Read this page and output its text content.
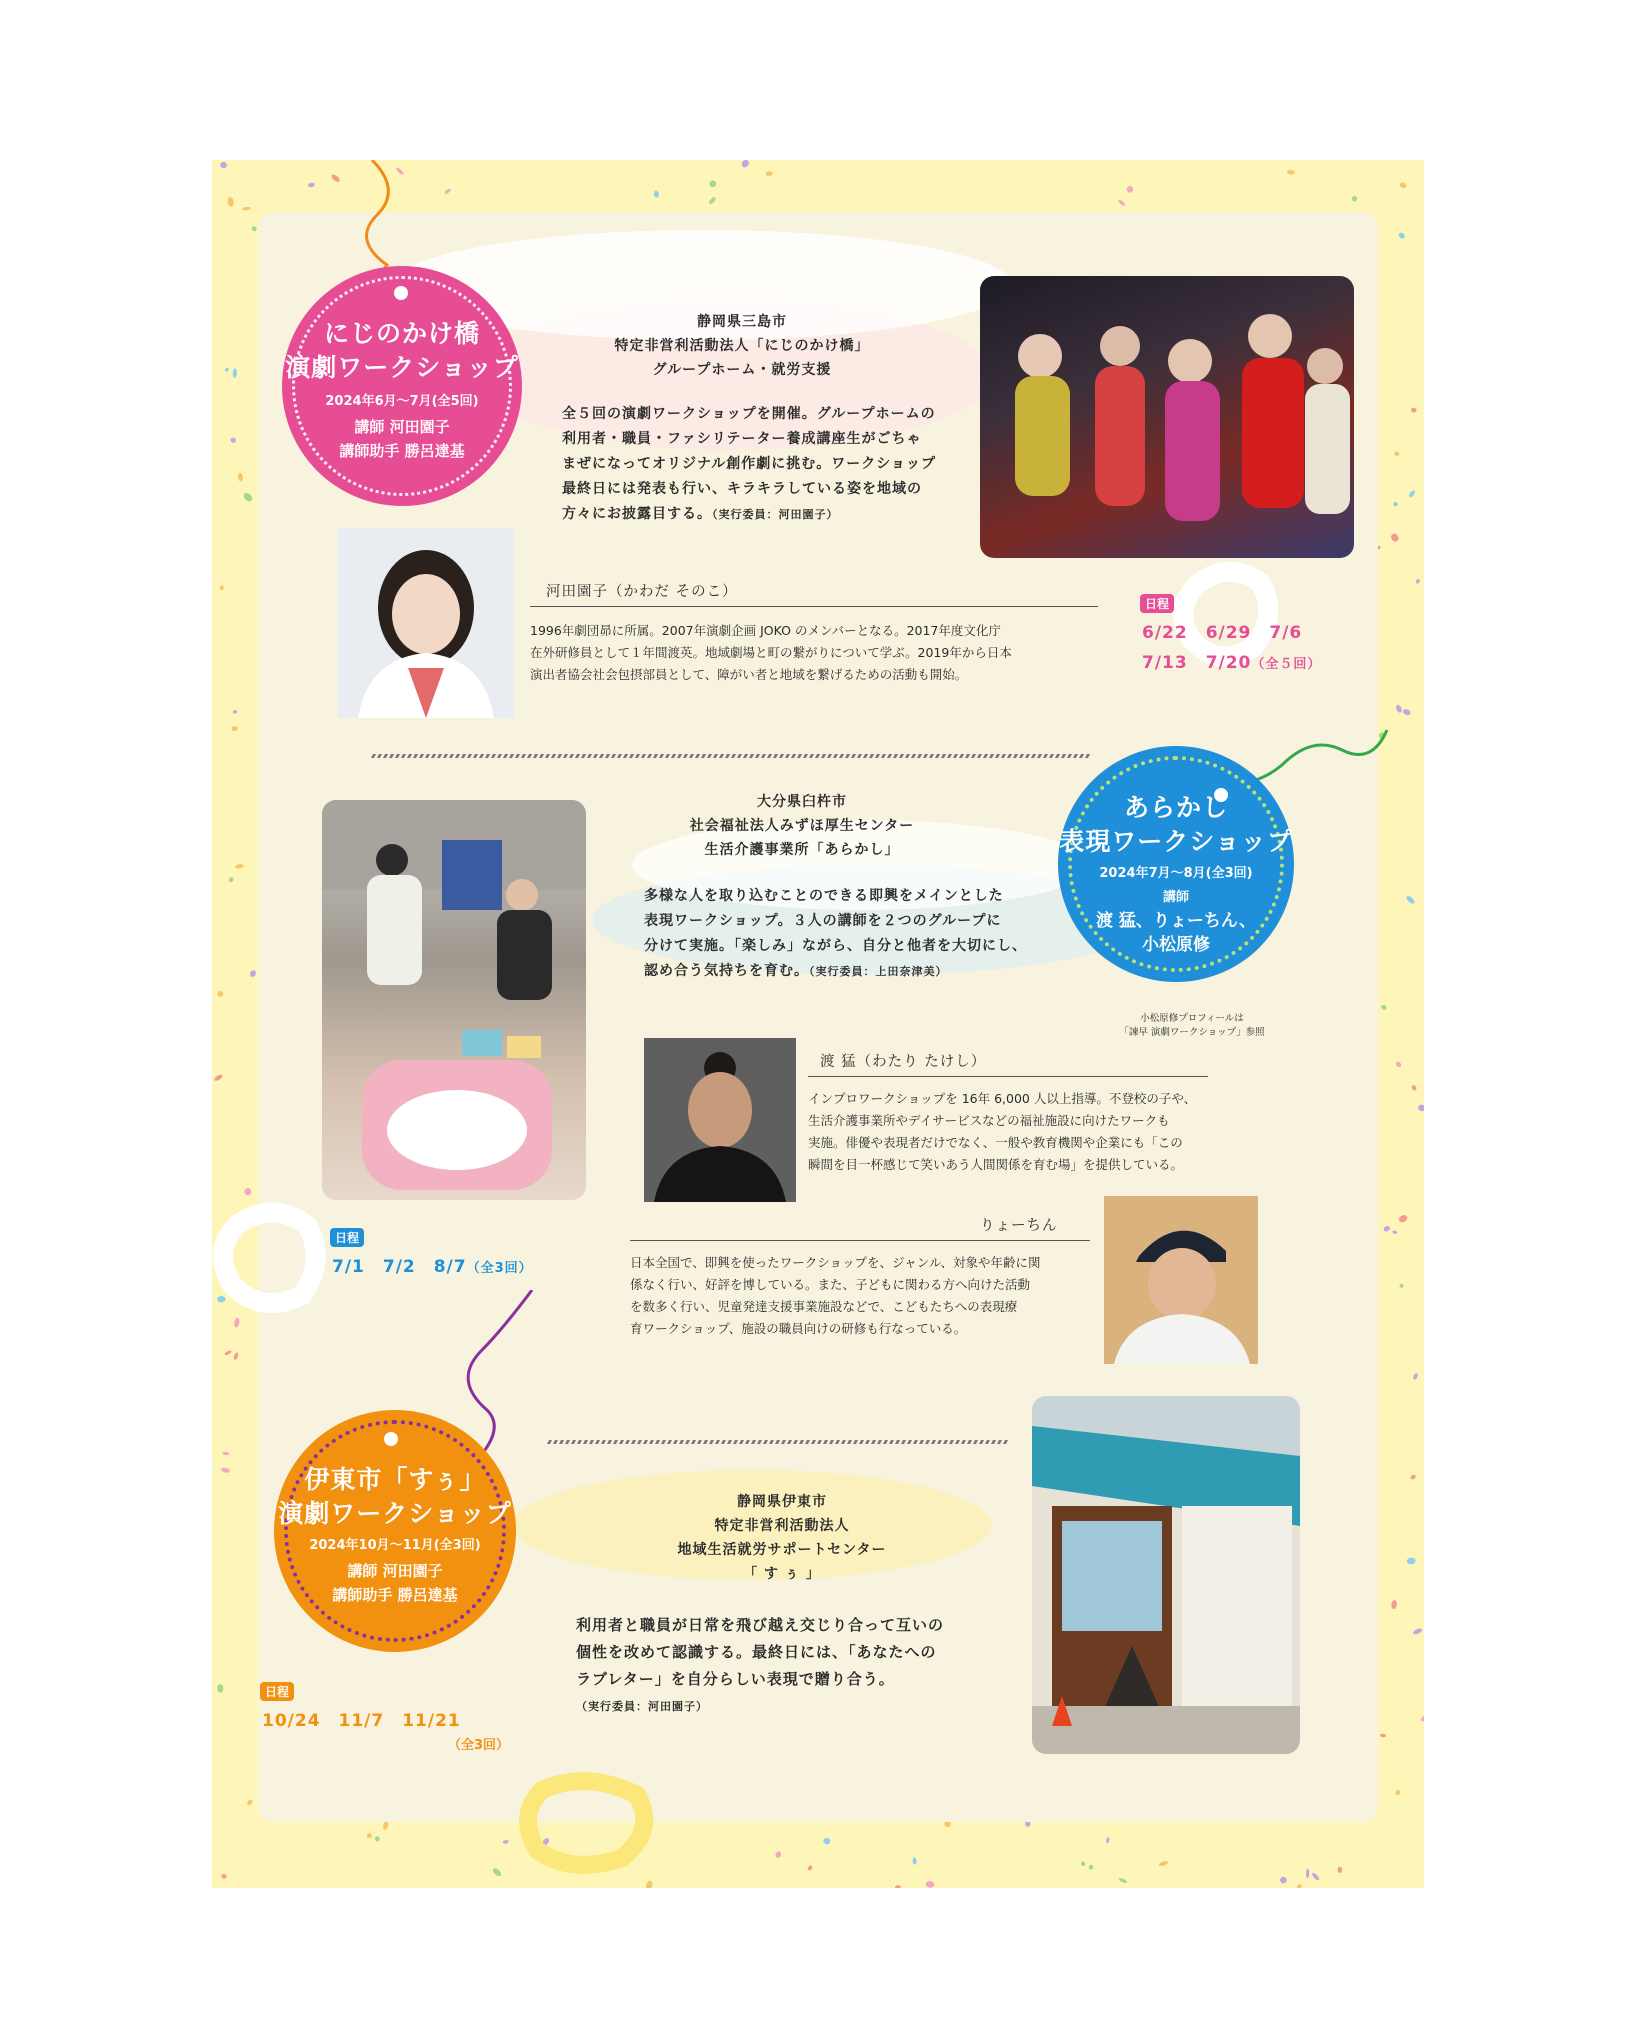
にじのかけ橋
演劇ワークショップ
2024年6月〜7月(全5回)
講師 河田園子
講師助手 勝呂達基
静岡県三島市
特定非営利活動法人「にじのかけ橋」
グループホーム・就労支援
全５回の演劇ワークショップを開催。グループホームの
利用者・職員・ファシリテーター養成講座生がごちゃ
まぜになってオリジナル創作劇に挑む。ワークショップ
最終日には発表も行い、キラキラしている姿を地域の
方々にお披露目する。（実行委員：河田園子）
河田園子（かわだ そのこ）
1996年劇団昴に所属。2007年演劇企画 JOKO のメンバーとなる。2017年度文化庁
在外研修員として１年間渡英。地域劇場と町の繋がりについて学ぶ。2019年から日本
演出者協会社会包摂部員として、障がい者と地域を繋げるための活動も開始。
日程
6/22　6/29　7/6
7/13　7/20（全５回）
あらかし
表現ワークショップ
2024年7月〜8月(全3回)
講師
渡 猛、りょーちん、
小松原修
小松原修プロフィールは
「諫早 演劇ワークショップ」参照
大分県臼杵市
社会福祉法人みずほ厚生センター
生活介護事業所「あらかし」
多様な人を取り込むことのできる即興をメインとした
表現ワークショップ。３人の講師を２つのグループに
分けて実施。「楽しみ」ながら、自分と他者を大切にし、
認め合う気持ちを育む。（実行委員：上田奈津美）
渡 猛（わたり たけし）
インプロワークショップを 16年 6,000 人以上指導。不登校の子や、
生活介護事業所やデイサービスなどの福祉施設に向けたワークも
実施。俳優や表現者だけでなく、一般や教育機関や企業にも「この
瞬間を目一杯感じて笑いあう人間関係を育む場」を提供している。
日程
7/1　7/2　8/7（全3回）
りょーちん
日本全国で、即興を使ったワークショップを、ジャンル、対象や年齢に関
係なく行い、好評を博している。また、子どもに関わる方へ向けた活動
を数多く行い、児童発達支援事業施設などで、こどもたちへの表現療
育ワークショップ、施設の職員向けの研修も行なっている。
伊東市「すぅ」
演劇ワークショップ
2024年10月〜11月(全3回)
講師 河田園子
講師助手 勝呂達基
静岡県伊東市
特定非営利活動法人
地域生活就労サポートセンター
「 す ぅ 」
利用者と職員が日常を飛び越え交じり合って互いの
個性を改めて認識する。最終日には、「あなたへの
ラブレター」を自分らしい表現で贈り合う。
（実行委員：河田園子）
日程
10/24　11/7　11/21
（全3回）
